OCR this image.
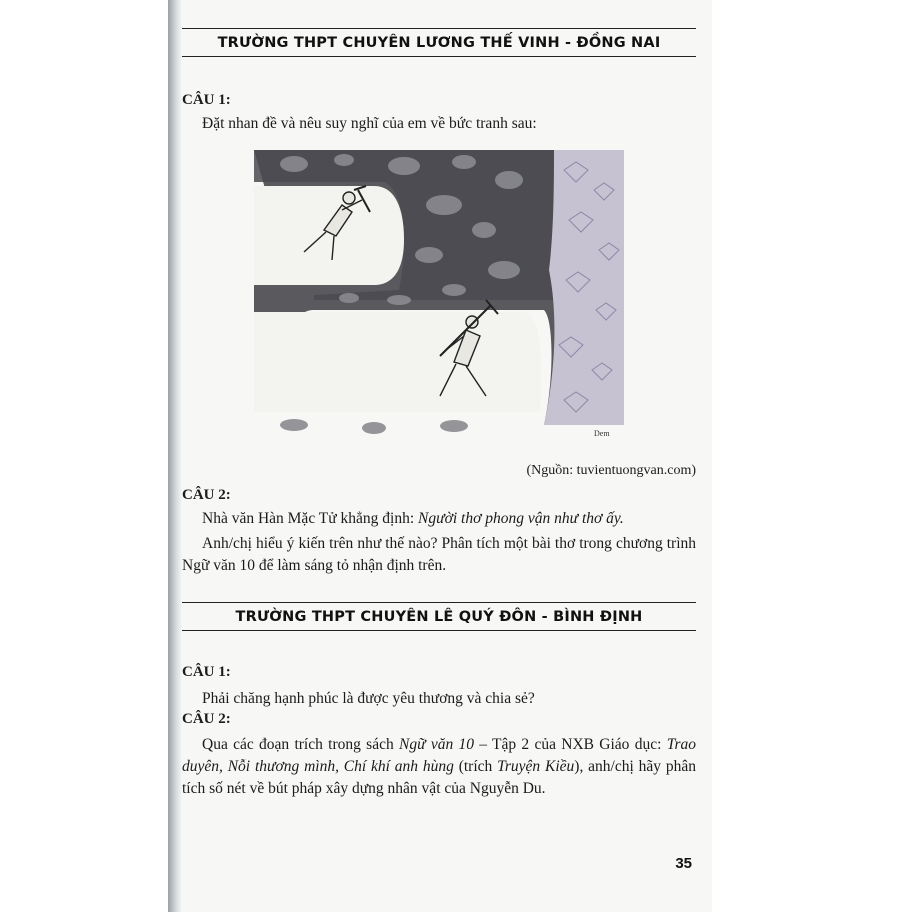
TRƯỜNG THPT CHUYÊN LƯƠNG THẾ VINH - ĐỒNG NAI
CÂU 1:
Đặt nhan đề và nêu suy nghĩ của em về bức tranh sau:
Dem
(Nguồn: tuvientuongvan.com)
CÂU 2:
Nhà văn Hàn Mặc Tử khẳng định: Người thơ phong vận như thơ ấy.
Anh/chị hiểu ý kiến trên như thế nào? Phân tích một bài thơ trong chương trình Ngữ văn 10 để làm sáng tỏ nhận định trên.
TRƯỜNG THPT CHUYÊN LÊ QUÝ ĐÔN - BÌNH ĐỊNH
CÂU 1:
Phải chăng hạnh phúc là được yêu thương và chia sẻ?
CÂU 2:
Qua các đoạn trích trong sách Ngữ văn 10 – Tập 2 của NXB Giáo dục: Trao duyên, Nỗi thương mình, Chí khí anh hùng (trích Truyện Kiều), anh/chị hãy phân tích số nét về bút pháp xây dựng nhân vật của Nguyễn Du.
35
